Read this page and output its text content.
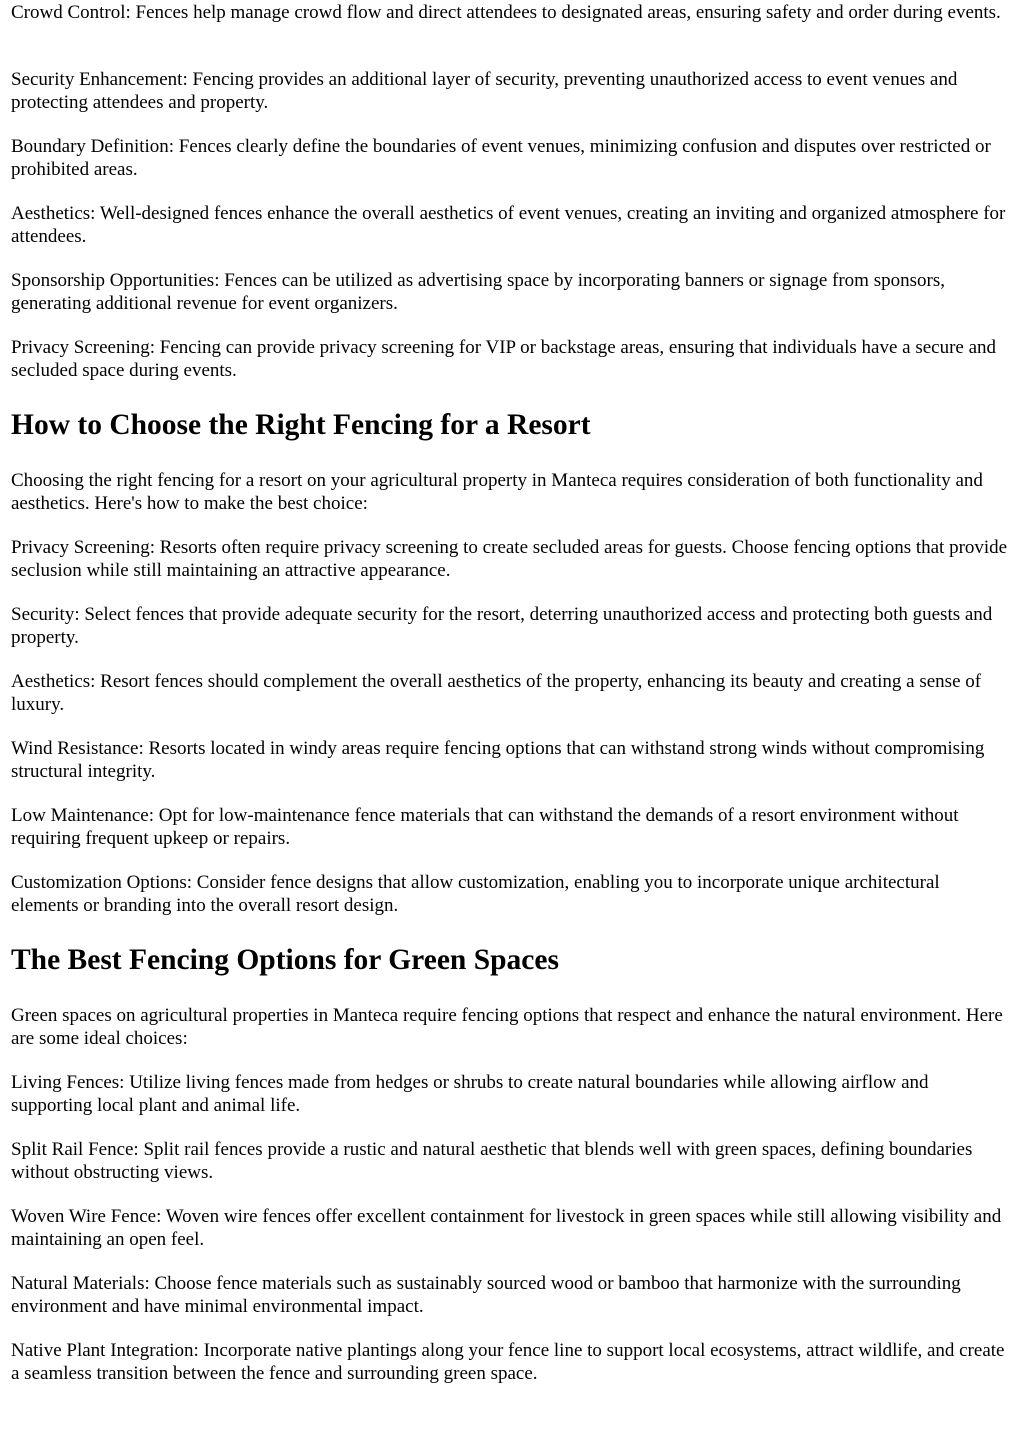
Crowd Control: Fences help manage crowd flow and direct attendees to designated areas, ensuring safety and order during events.

Security Enhancement: Fencing provides an additional layer of security, preventing unauthorized access to event venues and protecting attendees and property.

Boundary Definition: Fences clearly define the boundaries of event venues, minimizing confusion and disputes over restricted or prohibited areas.

Aesthetics: Well-designed fences enhance the overall aesthetics of event venues, creating an inviting and organized atmosphere for attendees.

Sponsorship Opportunities: Fences can be utilized as advertising space by incorporating banners or signage from sponsors, generating additional revenue for event organizers.

Privacy Screening: Fencing can provide privacy screening for VIP or backstage areas, ensuring that individuals have a secure and secluded space during events.

How to Choose the Right Fencing for a Resort

Choosing the right fencing for a resort on your agricultural property in Manteca requires consideration of both functionality and aesthetics. Here's how to make the best choice:

Privacy Screening: Resorts often require privacy screening to create secluded areas for guests. Choose fencing options that provide seclusion while still maintaining an attractive appearance.

Security: Select fences that provide adequate security for the resort, deterring unauthorized access and protecting both guests and property.

Aesthetics: Resort fences should complement the overall aesthetics of the property, enhancing its beauty and creating a sense of luxury.

Wind Resistance: Resorts located in windy areas require fencing options that can withstand strong winds without compromising structural integrity.

Low Maintenance: Opt for low-maintenance fence materials that can withstand the demands of a resort environment without requiring frequent upkeep or repairs.

Customization Options: Consider fence designs that allow customization, enabling you to incorporate unique architectural elements or branding into the overall resort design.

The Best Fencing Options for Green Spaces

Green spaces on agricultural properties in Manteca require fencing options that respect and enhance the natural environment. Here are some ideal choices:

Living Fences: Utilize living fences made from hedges or shrubs to create natural boundaries while allowing airflow and supporting local plant and animal life.

Split Rail Fence: Split rail fences provide a rustic and natural aesthetic that blends well with green spaces, defining boundaries without obstructing views.

Woven Wire Fence: Woven wire fences offer excellent containment for livestock in green spaces while still allowing visibility and maintaining an open feel.

Natural Materials: Choose fence materials such as sustainably sourced wood or bamboo that harmonize with the surrounding environment and have minimal environmental impact.

Native Plant Integration: Incorporate native plantings along your fence line to support local ecosystems, attract wildlife, and create a seamless transition between the fence and surrounding green space.
